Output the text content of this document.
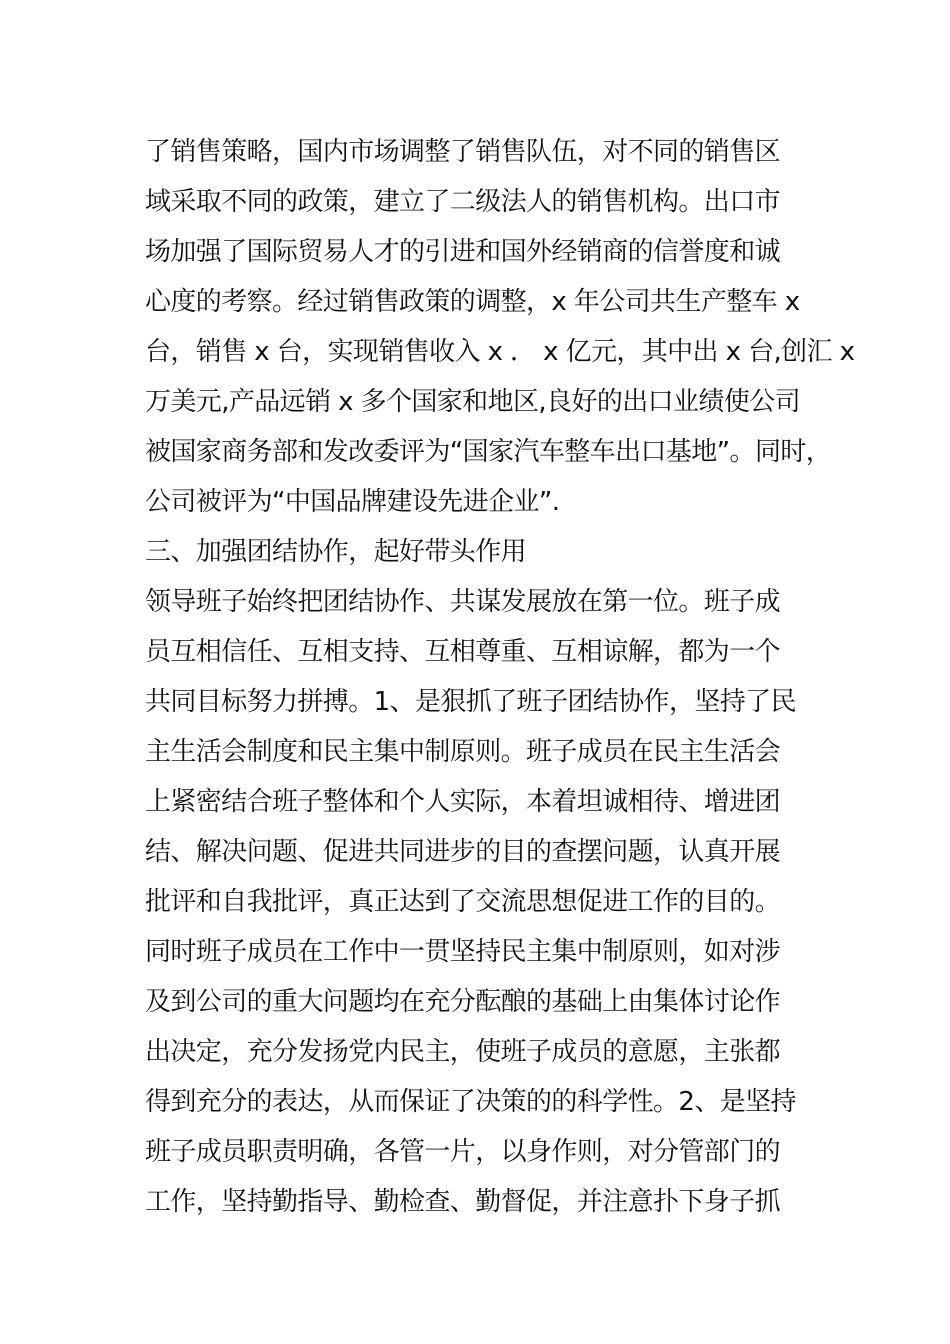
了销售策略，国内市场调整了销售队伍，对不同的销售区
域采取不同的政策，建立了二级法人的销售机构。出口市
场加强了国际贸易人才的引进和国外经销商的信誉度和诚
心度的考察。经过销售政策的调整，x 年公司共生产整车 x
台，销售 x 台，实现销售收入 x ． x 亿元，其中出 x 台,创汇 x
万美元,产品远销 x 多个国家和地区,良好的出口业绩使公司
被国家商务部和发改委评为“国家汽车整车出口基地”。同时，
公司被评为“中国品牌建设先进企业”.
三、加强团结协作，起好带头作用
领导班子始终把团结协作、共谋发展放在第一位。班子成
员互相信任、互相支持、互相尊重、互相谅解，都为一个
共同目标努力拼搏。1、是狠抓了班子团结协作，坚持了民
主生活会制度和民主集中制原则。班子成员在民主生活会
上紧密结合班子整体和个人实际，本着坦诚相待、增进团
结、解决问题、促进共同进步的目的查摆问题，认真开展
批评和自我批评，真正达到了交流思想促进工作的目的。
同时班子成员在工作中一贯坚持民主集中制原则，如对涉
及到公司的重大问题均在充分酝酿的基础上由集体讨论作
出决定，充分发扬党内民主，使班子成员的意愿，主张都
得到充分的表达，从而保证了决策的的科学性。2、是坚持
班子成员职责明确，各管一片，以身作则，对分管部门的
工作，坚持勤指导、勤检查、勤督促，并注意扑下身子抓
